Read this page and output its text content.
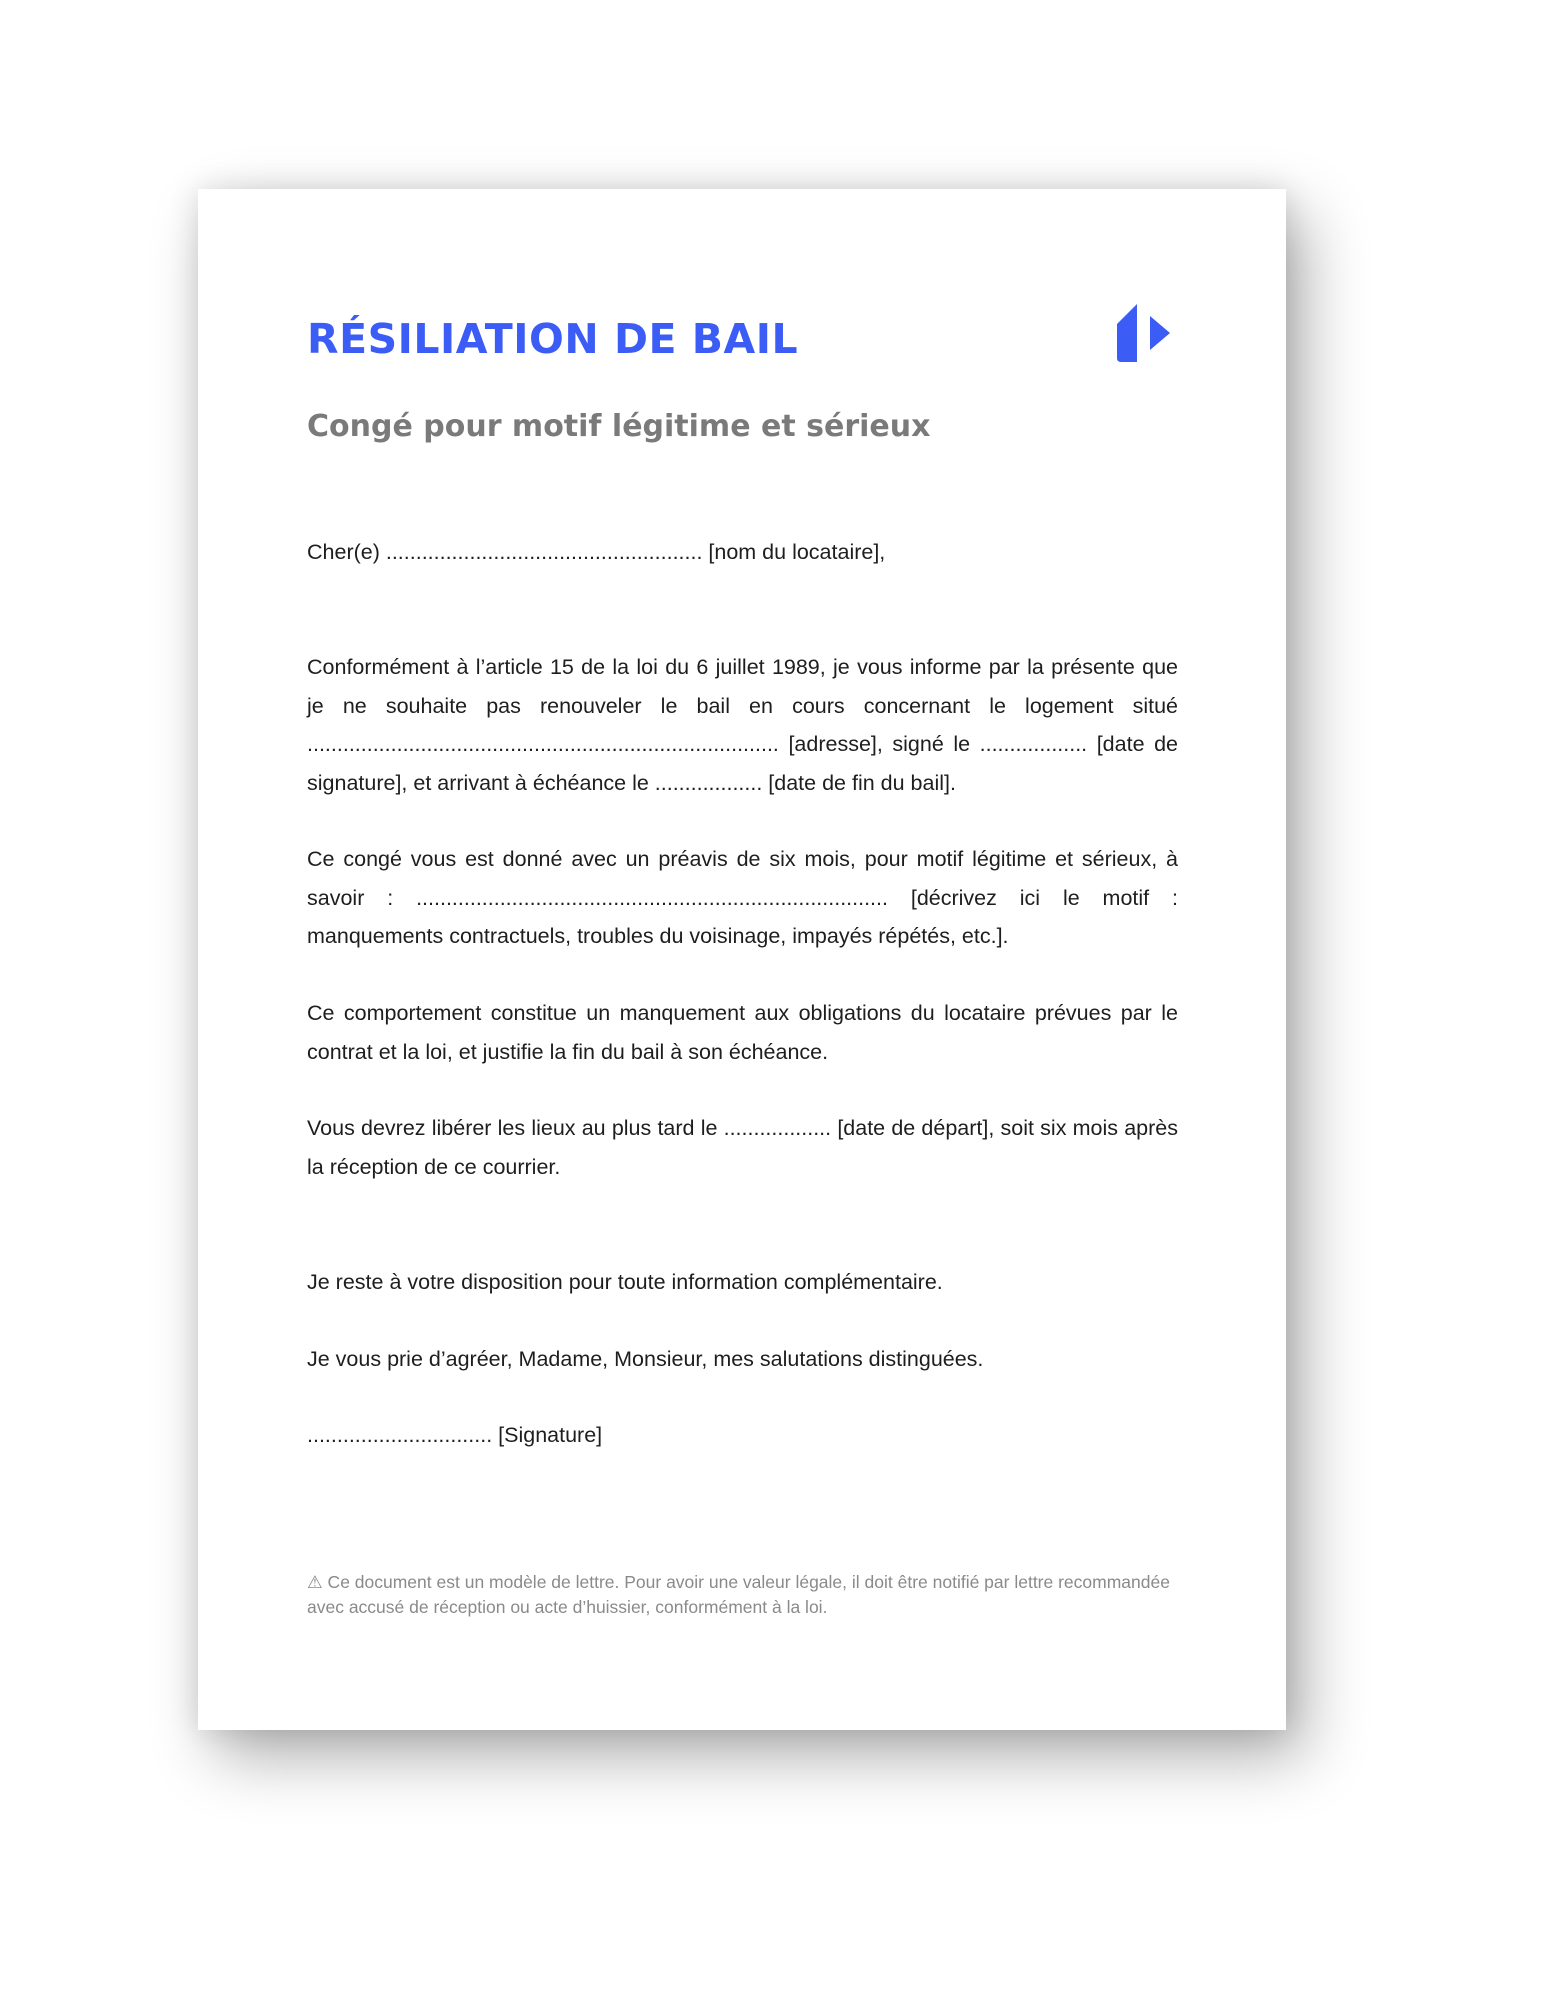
RÉSILIATION DE BAIL
Congé pour motif légitime et sérieux

Cher(e) ..................................................... [nom du locataire],

Conformément à l’article 15 de la loi du 6 juillet 1989, je vous informe par la présente que je ne souhaite pas renouveler le bail en cours concernant le logement situé ............................................................................... [adresse], signé le .................. [date de signature], et arrivant à échéance le .................. [date de fin du bail].

Ce congé vous est donné avec un préavis de six mois, pour motif légitime et sérieux, à savoir : ............................................................................... [décrivez ici le motif : manquements contractuels, troubles du voisinage, impayés répétés, etc.].

Ce comportement constitue un manquement aux obligations du locataire prévues par le contrat et la loi, et justifie la fin du bail à son échéance.

Vous devrez libérer les lieux au plus tard le .................. [date de départ], soit six mois après la réception de ce courrier.

Je reste à votre disposition pour toute information complémentaire.

Je vous prie d’agréer, Madame, Monsieur, mes salutations distinguées.

............................... [Signature]

⚠ Ce document est un modèle de lettre. Pour avoir une valeur légale, il doit être notifié par lettre recommandée avec accusé de réception ou acte d’huissier, conformément à la loi.
